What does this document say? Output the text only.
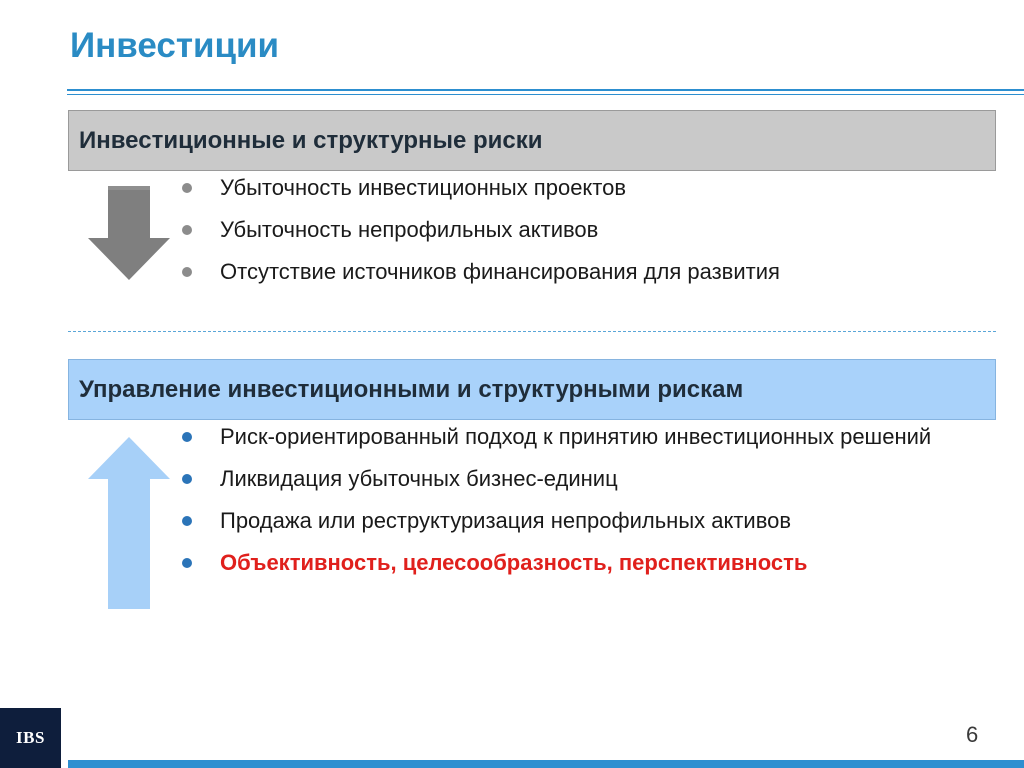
Инвестиции
Инвестиционные и структурные риски
Убыточность инвестиционных проектов
Убыточность непрофильных активов
Отсутствие источников финансирования для развития
Управление инвестиционными и структурными рискам
Риск-ориентированный подход к принятию инвестиционных решений
Ликвидация убыточных бизнес-единиц
Продажа или реструктуризация непрофильных активов
Объективность, целесообразность, перспективность
IBS	6
